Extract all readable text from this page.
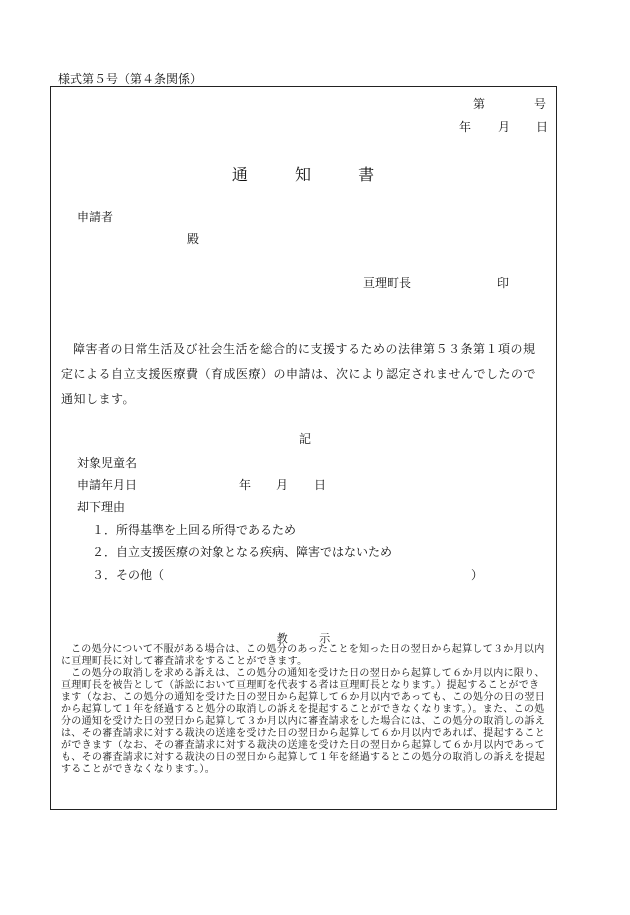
様式第５号（第４条関係）
第	号
年 月 日
通	知	書
申請者
殿
亘理町長	印
障害者の日常生活及び社会生活を総合的に支援するための法律第５３条第１項の規定による自立支援医療費（育成医療）の申請は、次により認定されませんでしたので通知します。
記
対象児童名
申請年月日	年 月 日
却下理由
１．所得基準を上回る所得であるため
２．自立支援医療の対象となる疾病、障害ではないため
３．その他（	）
教	示

この処分について不服がある場合は、この処分のあったことを知った日の翌日から起算して３か月以内に亘理町長に対して審査請求をすることができます。

この処分の取消しを求める訴えは、この処分の通知を受けた日の翌日から起算して６か月以内に限り、亘理町長を被告として（訴訟において亘理町を代表する者は亘理町長となります。）提起することができます（なお、この処分の通知を受けた日の翌日から起算して６か月以内であっても、この処分の日の翌日から起算して１年を経過すると処分の取消しの訴えを提起することができなくなります。）。また、この処分の通知を受けた日の翌日から起算して３か月以内に審査請求をした場合には、この処分の取消しの訴えは、その審査請求に対する裁決の送達を受けた日の翌日から起算して６か月以内であれば、提起することができます（なお、その審査請求に対する裁決の送達を受けた日の翌日から起算して６か月以内であっても、その審査請求に対する裁決の日の翌日から起算して１年を経過するとこの処分の取消しの訴えを提起することができなくなります。）。
